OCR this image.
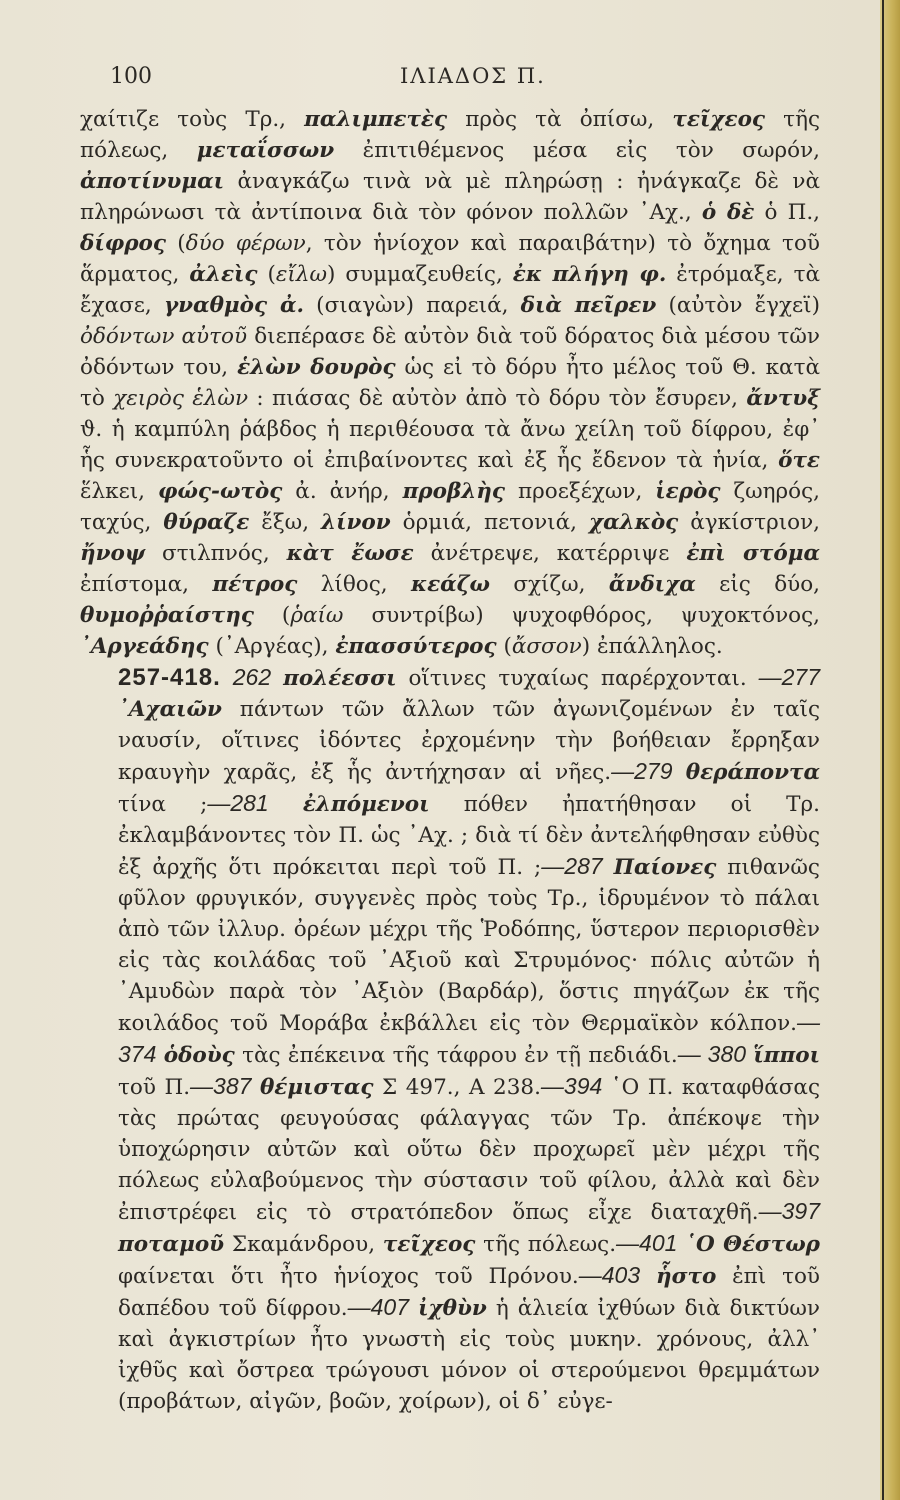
100	ΙΛΙΑΔΟΣ Π.

χαίτιζε τοὺς Τρ., παλιμπετὲς πρὸς τὰ ὀπίσω, τεῖχεος τῆς πόλεως, μεταΐσσων ἐπιτιθέμενος μέσα εἰς τὸν σωρόν, ἀποτίνυμαι ἀναγκάζω τινὰ νὰ μὲ πληρώσῃ : ἠνάγκαζε δὲ νὰ πληρώνωσι τὰ ἀντίποινα διὰ τὸν φόνον πολλῶν ᾿Αχ., ὁ δὲ ὁ Π., δίφρος (δύο φέρων, τὸν ἡνίοχον καὶ παραιβάτην) τὸ ὄχημα τοῦ ἅρματος, ἀλεὶς (εἴλω) συμμαζευθείς, ἐκ πλήγη φ. ἐτρόμαξε, τὰ ἔχασε, γναθμὸς ἀ. (σιαγὼν) παρειά, διὰ πεῖρεν (αὐτὸν ἔγχεϊ) ὀδόντων αὐτοῦ διεπέρασε δὲ αὐτὸν διὰ τοῦ δόρατος διὰ μέσου τῶν ὀδόντων του, ἑλὼν δουρὸς ὡς εἰ τὸ δόρυ ἦτο μέλος τοῦ Θ. κατὰ τὸ χειρὸς ἑλὼν : πιάσας δὲ αὐτὸν ἀπὸ τὸ δόρυ τὸν ἔσυρεν, ἄντυξ ϑ. ἡ καμπύλη ῥάβδος ἡ περιθέουσα τὰ ἄνω χείλη τοῦ δίφρου, ἐφ᾿ ἧς συνεκρατοῦντο οἱ ἐπιβαίνοντες καὶ ἐξ ἧς ἔδενον τὰ ἡνία, ὅτε ἕλκει, φώς-ωτὸς ἀ. ἀνήρ, προβλὴς προεξέχων, ἱερὸς ζωηρός, ταχύς, θύραζε ἔξω, λίνον ὁρμιά, πετονιά, χαλκὸς ἀγκίστριον, ἤνοψ στιλπνός, κὰτ ἔωσε ἀνέτρεψε, κατέρριψε ἐπὶ στόμα ἐπίστομα, πέτρος λίθος, κεάζω σχίζω, ἄνδιχα εἰς δύο, θυμοῤῥαίστης (ῥαίω συντρίβω) ψυχοφθόρος, ψυχοκτόνος, ᾿Αργεάδης (᾿Αργέας), ἐπασσύτερος (ἄσσον) ἐπάλληλος.

257-418. 262 πολέεσσι οἵτινες τυχαίως παρέρχονται. —277 ᾿Αχαιῶν πάντων τῶν ἄλλων τῶν ἀγωνιζομένων ἐν ταῖς ναυσίν, οἵτινες ἰδόντες ἐρχομένην τὴν βοήθειαν ἔρρηξαν κραυγὴν χαρᾶς, ἐξ ἧς ἀντήχησαν αἱ νῆες.—279 θεράποντα τίνα ;—281 ἐλπόμενοι πόθεν ἠπατήθησαν οἱ Τρ. ἐκλαμβάνοντες τὸν Π. ὡς ᾿Αχ. ; διὰ τί δὲν ἀντελήφθησαν εὐθὺς ἐξ ἀρχῆς ὅτι πρόκειται περὶ τοῦ Π. ;—287 Παίονες πιθανῶς φῦλον φρυγικόν, συγγενὲς πρὸς τοὺς Τρ., ἱδρυμένον τὸ πάλαι ἀπὸ τῶν ἰλλυρ. ὀρέων μέχρι τῆς Ῥοδόπης, ὕστερον περιορισθὲν εἰς τὰς κοιλάδας τοῦ ᾿Αξιοῦ καὶ Στρυμόνος· πόλις αὐτῶν ἡ ᾿Αμυδὼν παρὰ τὸν ᾿Αξιὸν (Βαρδάρ), ὅστις πηγάζων ἐκ τῆς κοιλάδος τοῦ Μοράβα ἐκβάλλει εἰς τὸν Θερμαϊκὸν κόλπον.—374 ὁδοὺς τὰς ἐπέκεινα τῆς τάφρου ἐν τῇ πεδιάδι.— 380 ἵπποι τοῦ Π.—387 θέμιστας Σ 497., Α 238.—394 ῾Ο Π. καταφθάσας τὰς πρώτας φευγούσας φάλαγγας τῶν Τρ. ἀπέκοψε τὴν ὑποχώρησιν αὐτῶν καὶ οὕτω δὲν προχωρεῖ μὲν μέχρι τῆς πόλεως εὐλαβούμενος τὴν σύστασιν τοῦ φίλου, ἀλλὰ καὶ δὲν ἐπιστρέφει εἰς τὸ στρατόπεδον ὅπως εἶχε διαταχθῆ.—397 ποταμοῦ Σκαμάνδρου, τεῖχεος τῆς πόλεως.—401 ῾Ο Θέστωρ φαίνεται ὅτι ἦτο ἡνίοχος τοῦ Πρόνου.—403 ἧστο ἐπὶ τοῦ δαπέδου τοῦ δίφρου.—407 ἰχθὺν ἡ ἁλιεία ἰχθύων διὰ δικτύων καὶ ἀγκιστρίων ἦτο γνωστὴ εἰς τοὺς μυκην. χρόνους, ἀλλ᾿ ἰχθῦς καὶ ὄστρεα τρώγουσι μόνον οἱ στερούμενοι θρεμμάτων (προβάτων, αἰγῶν, βοῶν, χοίρων), οἱ δ᾿ εὐγε-
